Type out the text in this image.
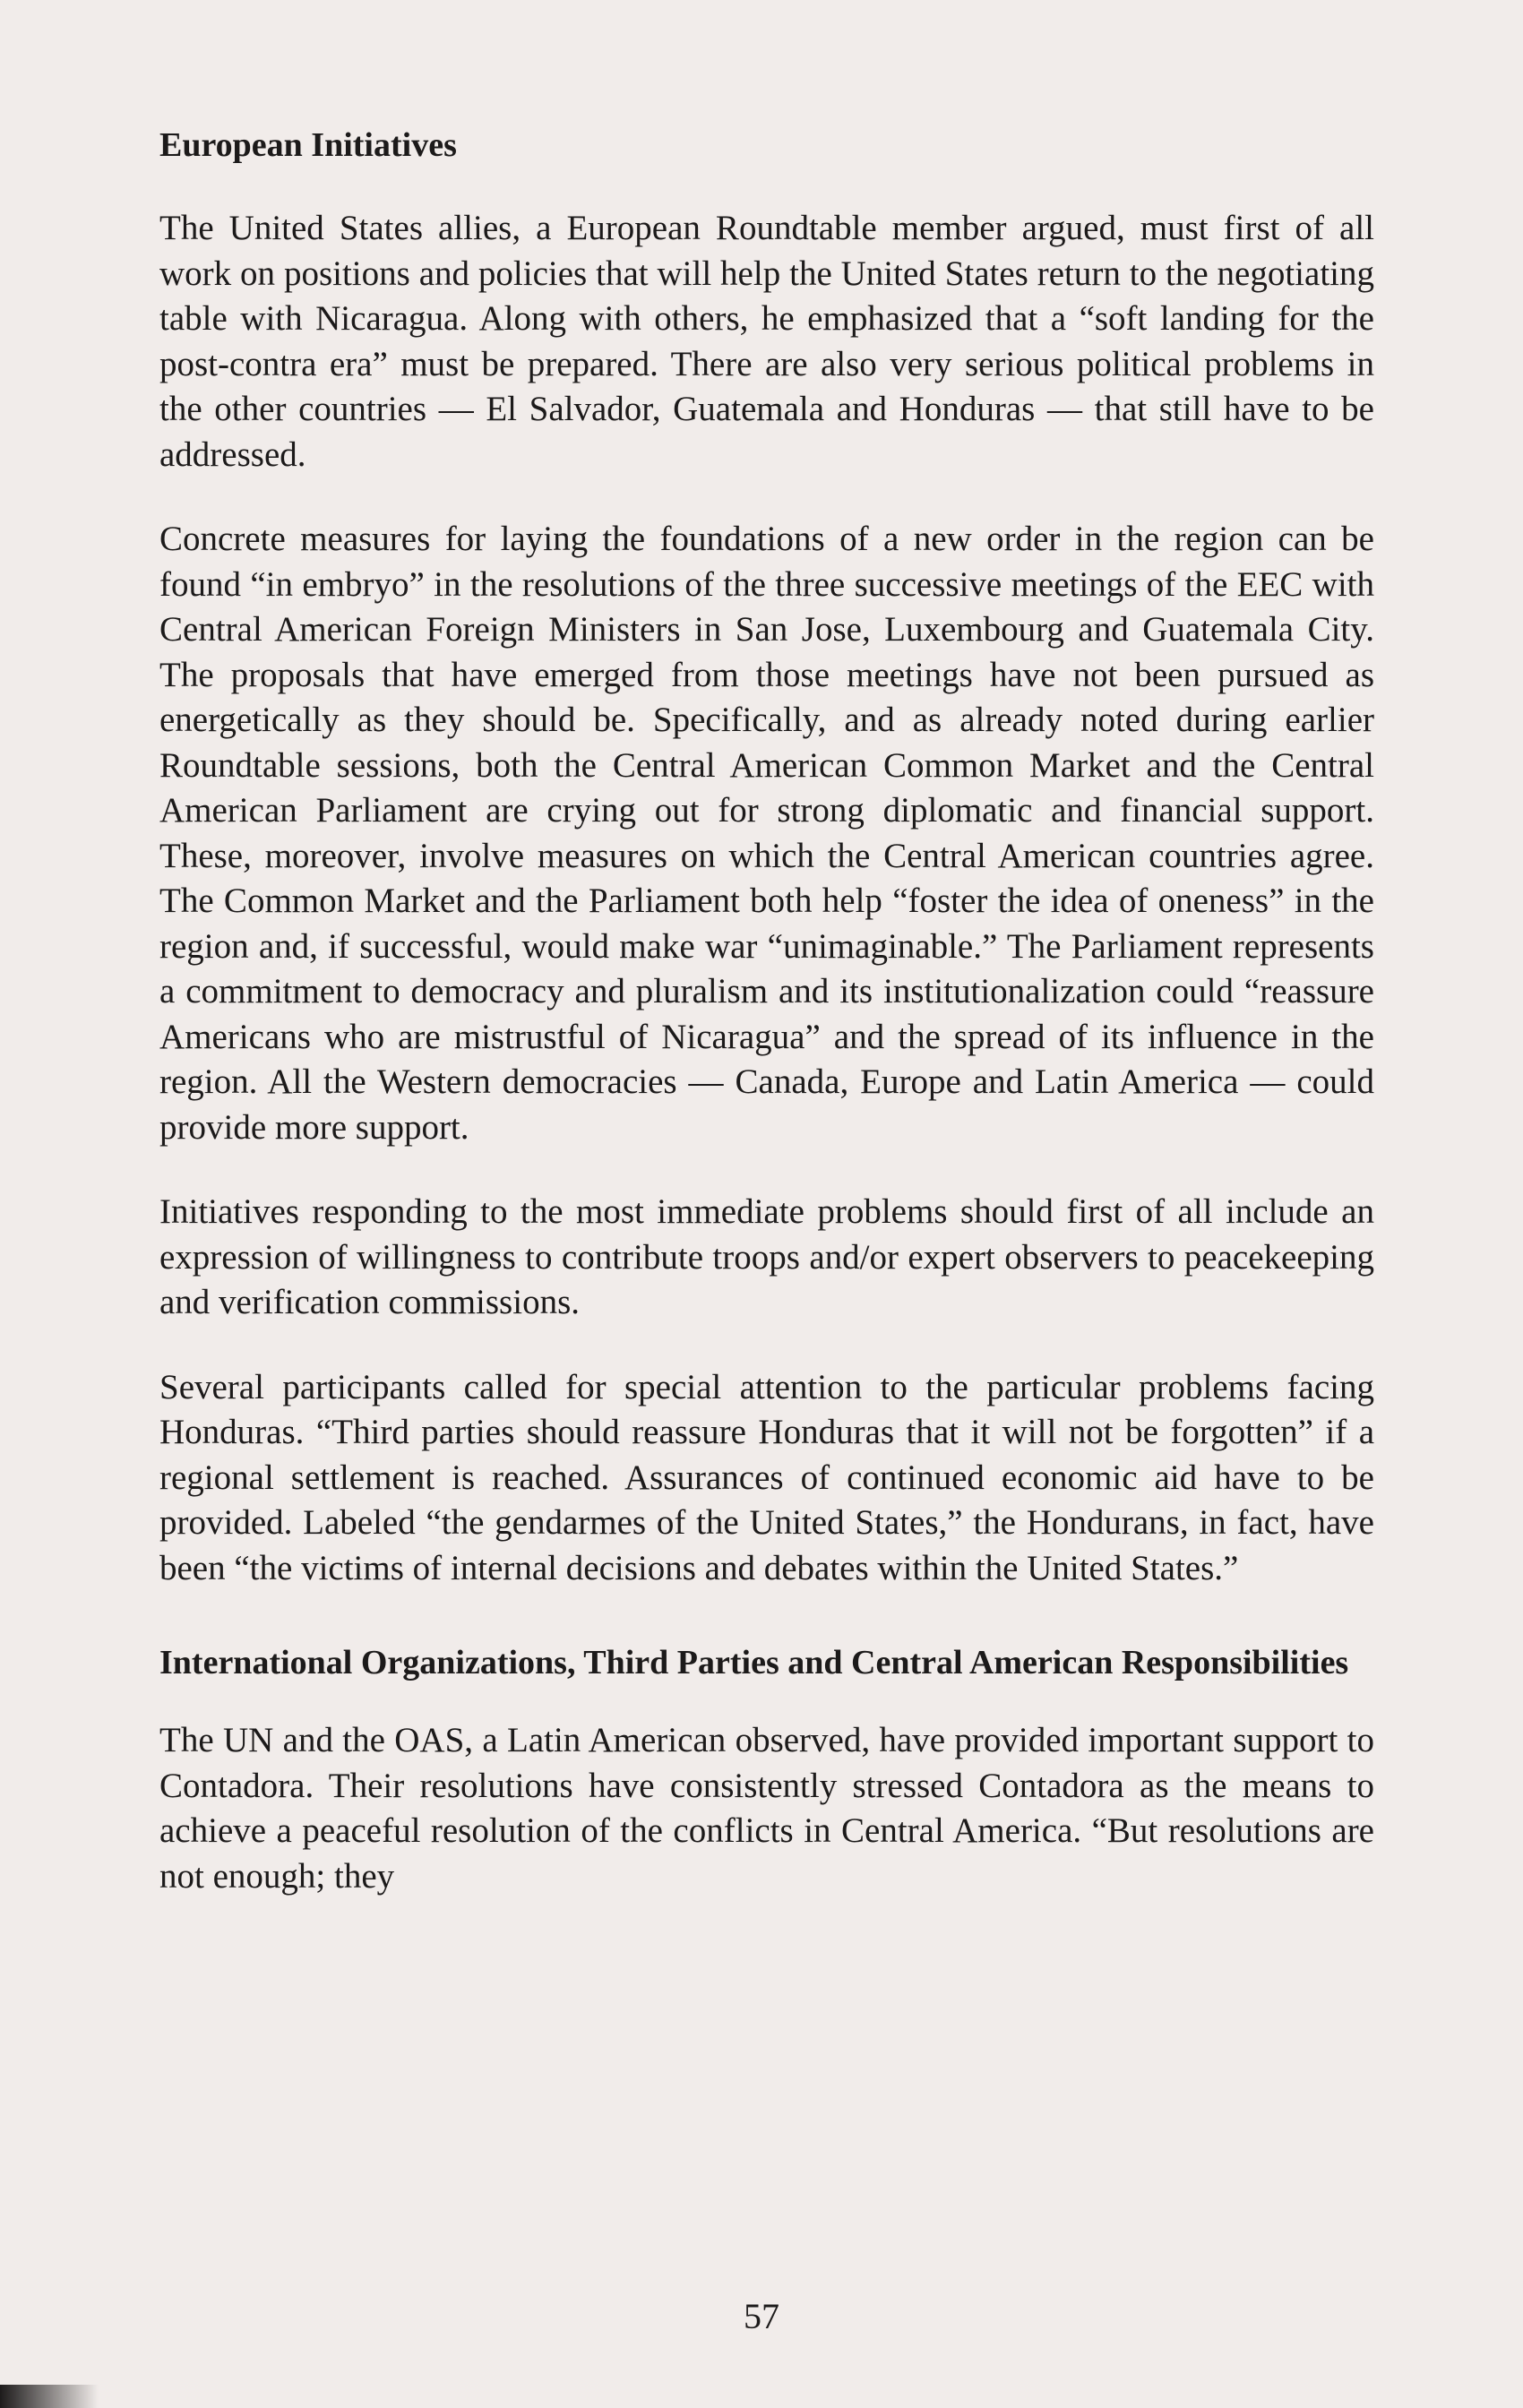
European Initiatives

The United States allies, a European Roundtable member argued, must first of all work on positions and policies that will help the United States return to the negotiating table with Nicaragua. Along with others, he emphasized that a “soft landing for the post-contra era” must be prepared. There are also very serious political problems in the other countries — El Salvador, Guatemala and Honduras — that still have to be addressed.

Concrete measures for laying the foundations of a new order in the region can be found “in embryo” in the resolutions of the three successive meetings of the EEC with Central American Foreign Ministers in San Jose, Luxembourg and Guatemala City. The proposals that have emerged from those meetings have not been pursued as energetically as they should be. Specifically, and as already noted during earlier Roundtable sessions, both the Central American Common Market and the Central American Parliament are crying out for strong diplomatic and financial support. These, moreover, involve measures on which the Central American countries agree. The Common Market and the Parliament both help “foster the idea of oneness” in the region and, if successful, would make war “unimaginable.” The Parliament represents a commitment to democracy and pluralism and its institutionalization could “reassure Americans who are mistrustful of Nicaragua” and the spread of its influence in the region. All the Western democracies — Canada, Europe and Latin America — could provide more support.

Initiatives responding to the most immediate problems should first of all include an expression of willingness to contribute troops and/or expert observers to peacekeeping and verification commissions.

Several participants called for special attention to the particular problems facing Honduras. “Third parties should reassure Honduras that it will not be forgotten” if a regional settlement is reached. Assurances of continued economic aid have to be provided. Labeled “the gendarmes of the United States,” the Hondurans, in fact, have been “the victims of internal decisions and debates within the United States.”

International Organizations, Third Parties and Central American Responsibilities

The UN and the OAS, a Latin American observed, have provided important support to Contadora. Their resolutions have consistently stressed Contadora as the means to achieve a peaceful resolution of the conflicts in Central America. “But resolutions are not enough; they

57
